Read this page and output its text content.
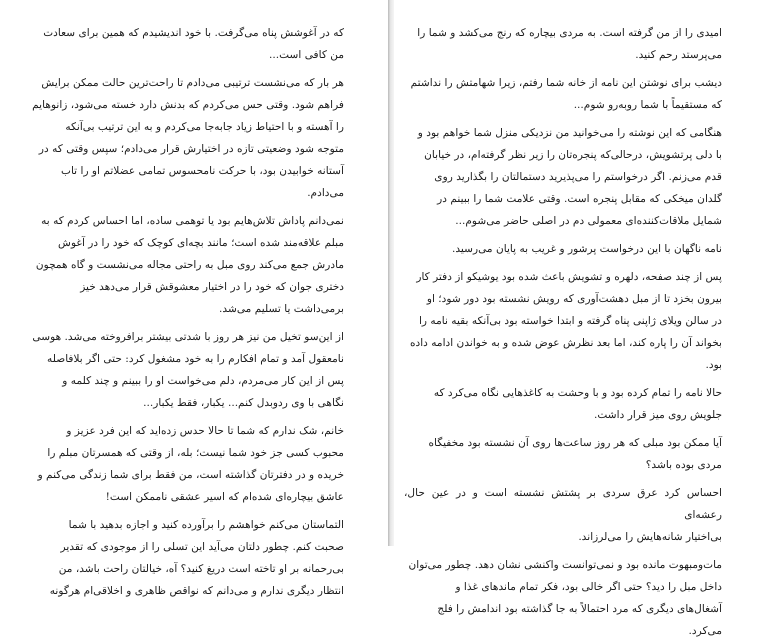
که در آغوشش پناه می‌گرفت. با خود اندیشیدم که همین برای سعادت
من کافی است...

هر بار که می‌نشست ترتیبی می‌دادم تا راحت‌ترین حالت ممکن برایش
فراهم شود. وقتی حس می‌کردم که بدنش دارد خسته می‌شود، زانوهایم
را آهسته و با احتیاط زیاد جابه‌جا می‌کردم و به این ترتیب بی‌آنکه
متوجه شود وضعیتی تازه در اختیارش قرار می‌دادم؛ سپس وقتی که در
آستانه خوابیدن بود، با حرکت نامحسوس تمامی عضلاتم او را تاب
می‌دادم.

نمی‌دانم پاداش تلاش‌هایم بود یا توهمی ساده، اما احساس کردم که به
مبلم علاقه‌مند شده است؛ مانند بچه‌ای کوچک که خود را در آغوش
مادرش جمع می‌کند روی مبل به راحتی مجاله می‌نشست و گاه همچون
دختری جوان که خود را در اختیار معشوقش قرار می‌دهد خیز
برمی‌داشت یا تسلیم می‌شد.

از این‌سو تخیل من نیز هر روز با شدتی بیشتر برافروخته می‌شد. هوسی
نامعقول آمد و تمام افکارم را به خود مشغول کرد: حتی اگر بلافاصله
پس از این کار می‌مردم، دلم می‌خواست او را ببینم و چند کلمه و
نگاهی با وی ردوبدل کنم... یکبار، فقط یکبار...

خانم، شک ندارم که شما تا حالا حدس زده‌اید که این فرد عزیز و
محبوب کسی جز خود شما نیست؛ بله، از وقتی که همسرتان مبلم را
خریده و در دفترتان گذاشته است، من فقط برای شما زندگی می‌کنم و
عاشق بیچاره‌ای شده‌ام که اسیر عشقی ناممکن است!

التماستان می‌کنم خواهشم را برآورده کنید و اجازه بدهید با شما
صحبت کنم. چطور دلتان می‌آید این تسلی را از موجودی که تقدیر
بی‌رحمانه بر او تاخته است دریغ کنید؟ آه، خیالتان راحت باشد، من
انتظار دیگری ندارم و می‌دانم که نواقص ظاهری و اخلاقی‌ام هرگونه

امیدی را از من گرفته است. به مردی بیچاره که رنج می‌کشد و شما را
می‌پرستد رحم کنید.

دیشب برای نوشتن این نامه از خانه شما رفتم، زیرا شهامتش را نداشتم
که مستقیماً با شما روبه‌رو شوم...

هنگامی که این نوشته را می‌خوانید من نزدیکی منزل شما خواهم بود و
با دلی پرتشویش، درحالی‌که پنجره‌تان را زیر نظر گرفته‌ام، در خیابان
قدم می‌زنم. اگر درخواستم را می‌پذیرید دستمالتان را بگذارید روی
گلدان میخکی که مقابل پنجره است. وقتی علامت شما را ببینم در
شمایل ملاقات‌کننده‌ای معمولی دم در اصلی حاضر می‌شوم...

نامه ناگهان با این درخواست پرشور و غریب به پایان می‌رسید.

پس از چند صفحه، دلهره و تشویش باعث شده بود یوشیکو از دفتر کار
بیرون بخزد تا از مبل دهشت‌آوری که رویش نشسته بود دور شود؛ او
در سالن ویلای ژاپنی پناه گرفته و ابتدا خواسته بود بی‌آنکه بقیه نامه را
بخواند آن را پاره کند، اما بعد نظرش عوض شده و به خواندن ادامه داده
بود.

حالا نامه را تمام کرده بود و با وحشت به کاغذهایی نگاه می‌کرد که
جلویش روی میز قرار داشت.

آیا ممکن بود مبلی که هر روز ساعت‌ها روی آن نشسته بود مخفیگاه
مردی بوده باشد؟

احساس کرد عرق سردی بر پشتش نشسته است و در عین حال، رعشه‌ای
بی‌اختیار شانه‌هایش را می‌لرزاند.

مات‌ومبهوت مانده بود و نمی‌توانست واکنشی نشان دهد. چطور می‌توان
داخل مبل را دید؟ حتی اگر خالی بود، فکر تمام ماندهای غذا و
آشغال‌های دیگری که مرد احتمالاً به جا گذاشته بود اندامش را فلج
می‌کرد.
